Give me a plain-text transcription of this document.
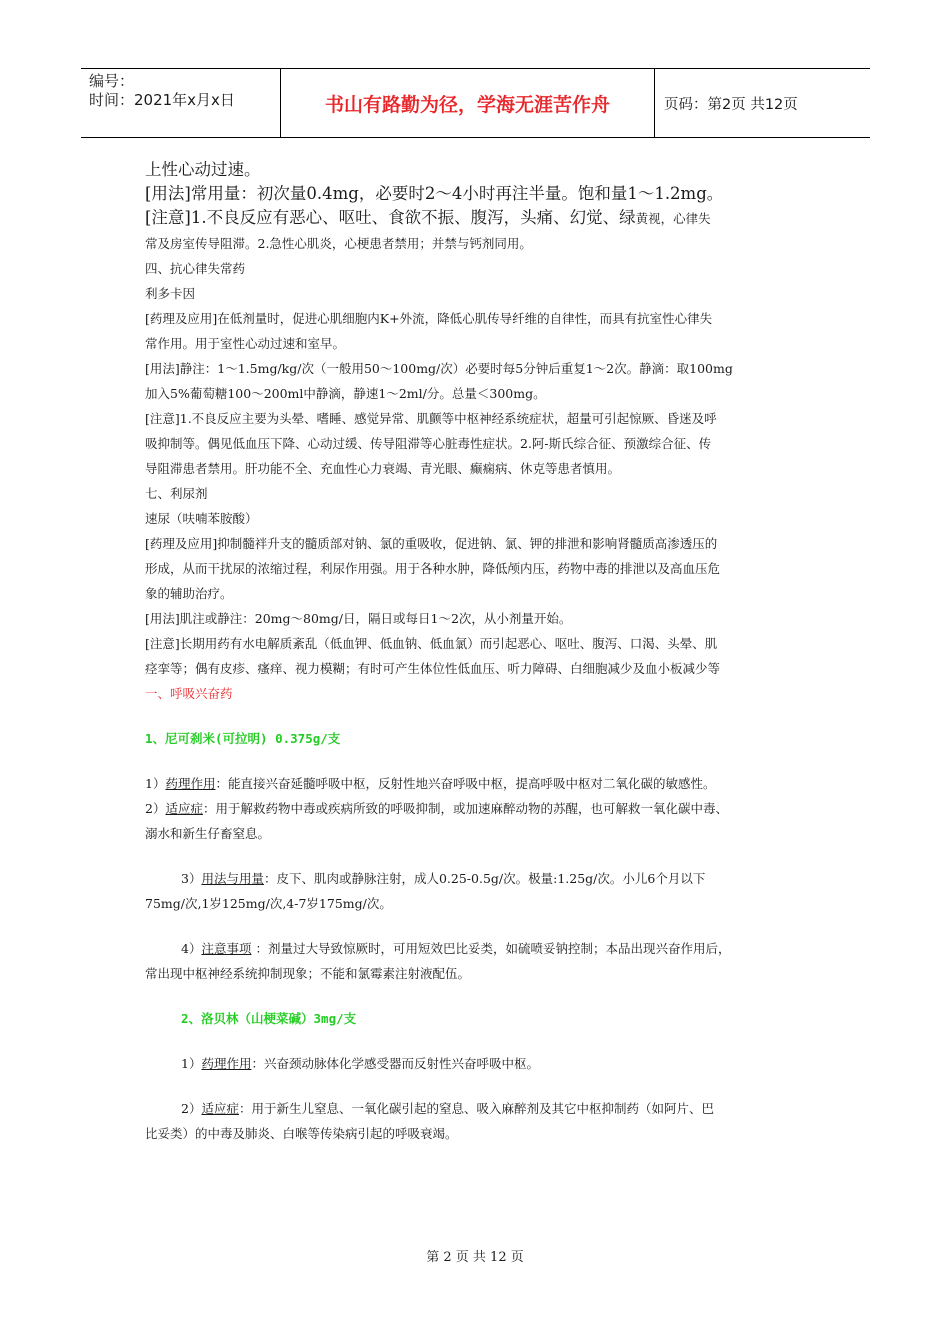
编号：
时间：2021年x月x日	书山有路勤为径，学海无涯苦作舟	页码：第2页 共12页
上性心动过速。
[用法]常用量：初次量0.4mg，必要时2～4小时再注半量。饱和量1～1.2mg。
[注意]1.不良反应有恶心、呕吐、食欲不振、腹泻，头痛、幻觉、绿黄视，心律失

常及房室传导阻滞。2.急性心肌炎，心梗患者禁用；并禁与钙剂同用。

四、抗心律失常药

利多卡因

[药理及应用]在低剂量时，促进心肌细胞内K+外流，降低心肌传导纤维的自律性，而具有抗室性心律失

常作用。用于室性心动过速和室早。

[用法]静注：1～1.5mg/kg/次（一般用50～100mg/次）必要时每5分钟后重复1～2次。静滴：取100mg

加入5%葡萄糖100～200ml中静滴，静速1～2ml/分。总量＜300mg。

[注意]1.不良反应主要为头晕、嗜睡、感觉异常、肌颤等中枢神经系统症状，超量可引起惊厥、昏迷及呼

吸抑制等。偶见低血压下降、心动过缓、传导阻滞等心脏毒性症状。2.阿-斯氏综合征、预激综合征、传

导阻滞患者禁用。肝功能不全、充血性心力衰竭、青光眼、癫痫病、休克等患者慎用。

七、利尿剂

速尿（呋喃苯胺酸）

[药理及应用]抑制髓袢升支的髓质部对钠、氯的重吸收，促进钠、氯、钾的排泄和影响肾髓质高渗透压的

形成，从而干扰尿的浓缩过程，利尿作用强。用于各种水肿，降低颅内压，药物中毒的排泄以及高血压危

象的辅助治疗。

[用法]肌注或静注：20mg～80mg/日，隔日或每日1～2次，从小剂量开始。

[注意]长期用药有水电解质紊乱（低血钾、低血钠、低血氯）而引起恶心、呕吐、腹泻、口渴、头晕、肌

痉挛等；偶有皮疹、瘙痒、视力模糊；有时可产生体位性低血压、听力障碍、白细胞减少及血小板减少等

一、呼吸兴奋药

1、尼可刹米(可拉明) 0.375g/支

1）药理作用：能直接兴奋延髓呼吸中枢，反射性地兴奋呼吸中枢，提高呼吸中枢对二氧化碳的敏感性。

2）适应症：用于解救药物中毒或疾病所致的呼吸抑制，或加速麻醉动物的苏醒，也可解救一氧化碳中毒、

溺水和新生仔畜窒息。

3）用法与用量：皮下、肌肉或静脉注射，成人0.25-0.5g/次。极量:1.25g/次。小儿6个月以下

75mg/次,1岁125mg/次,4-7岁175mg/次。

4）注意事项 ：剂量过大导致惊厥时，可用短效巴比妥类，如硫喷妥钠控制；本品出现兴奋作用后，

常出现中枢神经系统抑制现象；不能和氯霉素注射液配伍。

2、洛贝林（山梗菜碱）3mg/支

1）药理作用：兴奋颈动脉体化学感受器而反射性兴奋呼吸中枢。

2）适应症：用于新生儿窒息、一氧化碳引起的窒息、吸入麻醉剂及其它中枢抑制药（如阿片、巴

比妥类）的中毒及肺炎、白喉等传染病引起的呼吸衰竭。

第 2 页 共 12 页
